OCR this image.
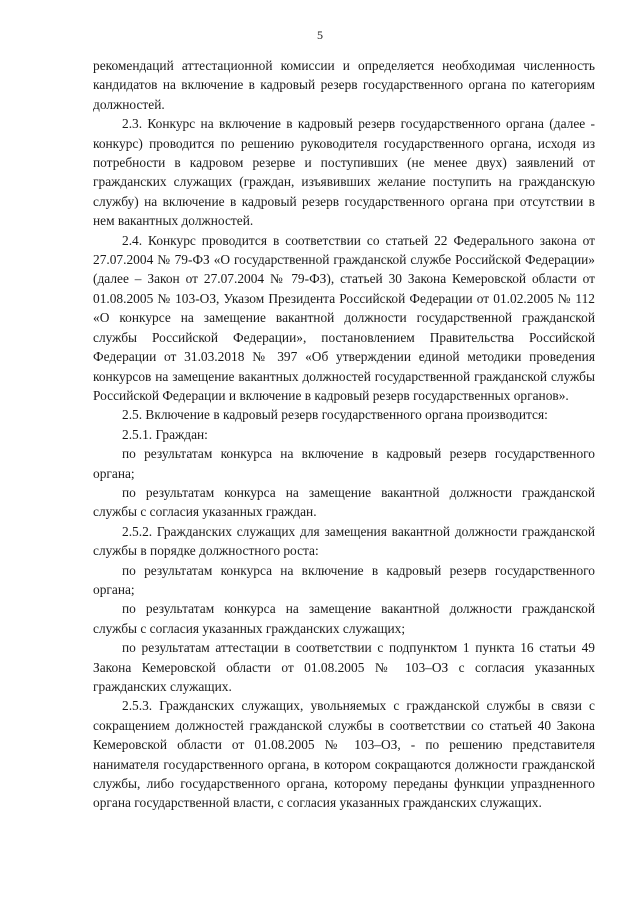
5

рекомендаций аттестационной комиссии и определяется необходимая численность кандидатов на включение в кадровый резерв государственного органа по категориям должностей.

2.3. Конкурс на включение в кадровый резерв государственного органа (далее - конкурс) проводится по решению руководителя государственного органа, исходя из потребности в кадровом резерве и поступивших (не менее двух) заявлений от гражданских служащих (граждан, изъявивших желание поступить на гражданскую службу) на включение в кадровый резерв государственного органа при отсутствии в нем вакантных должностей.

2.4. Конкурс проводится в соответствии со статьей 22 Федерального закона от 27.07.2004 № 79-ФЗ «О государственной гражданской службе Российской Федерации» (далее – Закон от 27.07.2004 № 79-ФЗ), статьей 30 Закона Кемеровской области от 01.08.2005 № 103-ОЗ, Указом Президента Российской Федерации от 01.02.2005 № 112 «О конкурсе на замещение вакантной должности государственной гражданской службы Российской Федерации», постановлением Правительства Российской Федерации от 31.03.2018 № 397 «Об утверждении единой методики проведения конкурсов на замещение вакантных должностей государственной гражданской службы Российской Федерации и включение в кадровый резерв государственных органов».

2.5. Включение в кадровый резерв государственного органа производится:

2.5.1. Граждан:

по результатам конкурса на включение в кадровый резерв государственного органа;

по результатам конкурса на замещение вакантной должности гражданской службы с согласия указанных граждан.

2.5.2. Гражданских служащих для замещения вакантной должности гражданской службы в порядке должностного роста:

по результатам конкурса на включение в кадровый резерв государственного органа;

по результатам конкурса на замещение вакантной должности гражданской службы с согласия указанных гражданских служащих;

по результатам аттестации в соответствии с подпунктом 1 пункта 16 статьи 49 Закона Кемеровской области от 01.08.2005 № 103–ОЗ с согласия указанных гражданских служащих.

2.5.3. Гражданских служащих, увольняемых с гражданской службы в связи с сокращением должностей гражданской службы в соответствии со статьей 40 Закона Кемеровской области от 01.08.2005 № 103–ОЗ, - по решению представителя нанимателя государственного органа, в котором сокращаются должности гражданской службы, либо государственного органа, которому переданы функции упраздненного органа государственной власти, с согласия указанных гражданских служащих.
